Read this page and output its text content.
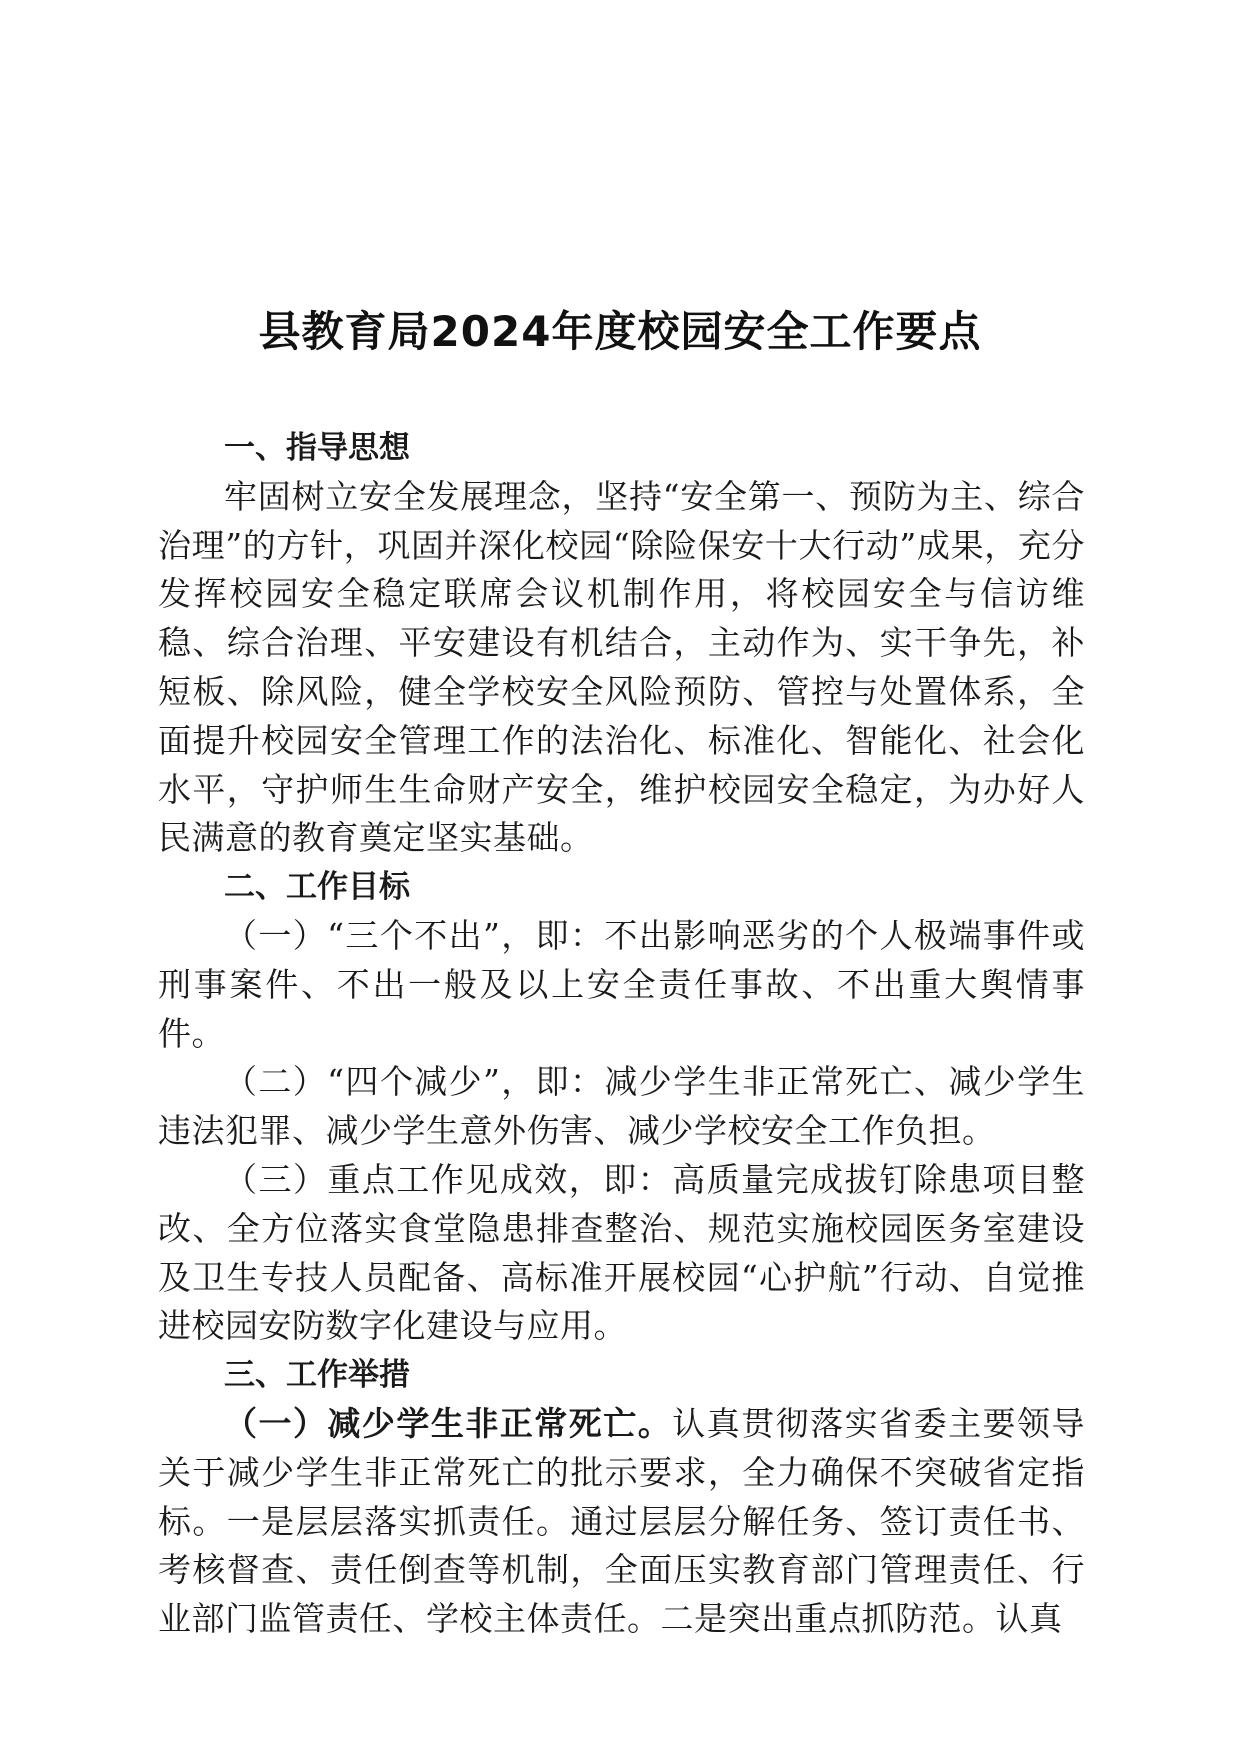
县教育局2024年度校园安全工作要点

一、指导思想

牢固树立安全发展理念，坚持“安全第一、预防为主、综合治理”的方针，巩固并深化校园“除险保安十大行动”成果，充分发挥校园安全稳定联席会议机制作用，将校园安全与信访维稳、综合治理、平安建设有机结合，主动作为、实干争先，补短板、除风险，健全学校安全风险预防、管控与处置体系，全面提升校园安全管理工作的法治化、标准化、智能化、社会化水平，守护师生生命财产安全，维护校园安全稳定，为办好人民满意的教育奠定坚实基础。

二、工作目标

（一）“三个不出”，即：不出影响恶劣的个人极端事件或刑事案件、不出一般及以上安全责任事故、不出重大舆情事件。

（二）“四个减少”，即：减少学生非正常死亡、减少学生违法犯罪、减少学生意外伤害、减少学校安全工作负担。

（三）重点工作见成效，即：高质量完成拔钉除患项目整改、全方位落实食堂隐患排查整治、规范实施校园医务室建设及卫生专技人员配备、高标准开展校园“心护航”行动、自觉推进校园安防数字化建设与应用。

三、工作举措

（一）减少学生非正常死亡。认真贯彻落实省委主要领导关于减少学生非正常死亡的批示要求，全力确保不突破省定指标。一是层层落实抓责任。通过层层分解任务、签订责任书、考核督查、责任倒查等机制，全面压实教育部门管理责任、行业部门监管责任、学校主体责任。二是突出重点抓防范。认真
